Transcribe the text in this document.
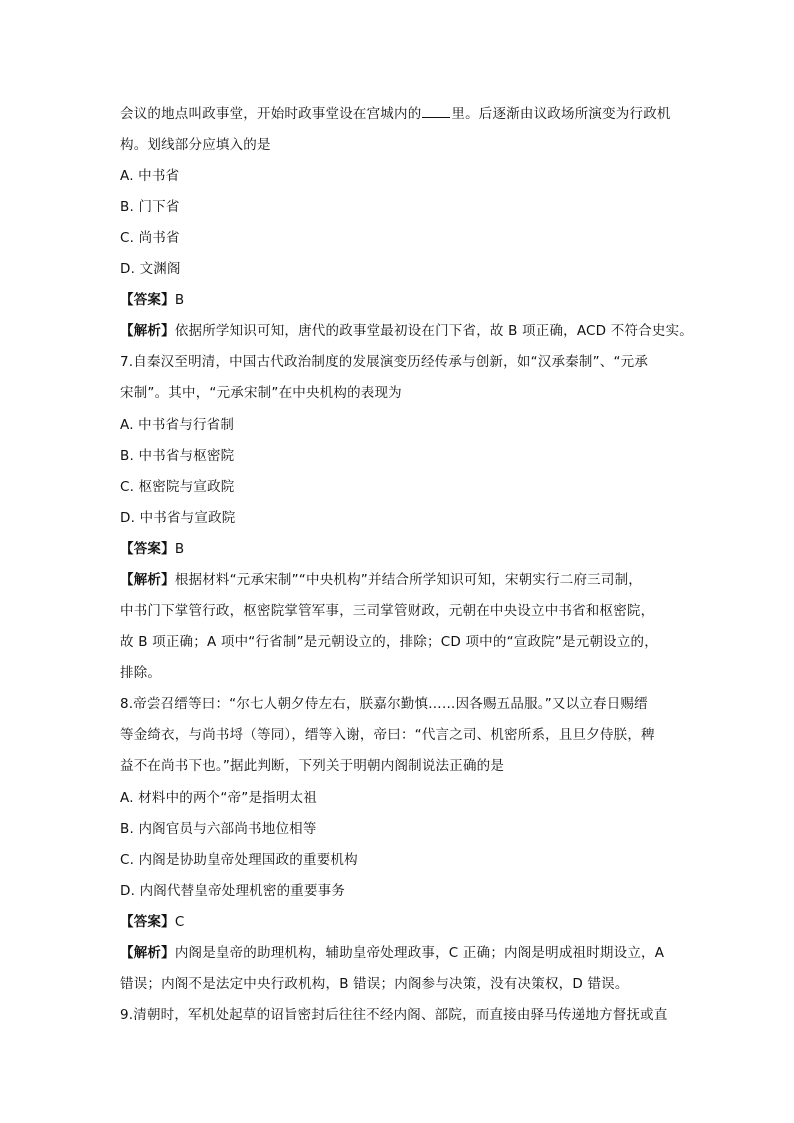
会议的地点叫政事堂，开始时政事堂设在宫城内的 里。后逐渐由议政场所演变为行政机
构。划线部分应填入的是
A. 中书省
B. 门下省
C. 尚书省
D. 文渊阁
【答案】B
【解析】依据所学知识可知，唐代的政事堂最初设在门下省，故 B 项正确，ACD 不符合史实。
7.自秦汉至明清，中国古代政治制度的发展演变历经传承与创新，如“汉承秦制”、“元承
宋制”。其中，“元承宋制”在中央机构的表现为
A. 中书省与行省制
B. 中书省与枢密院
C. 枢密院与宣政院
D. 中书省与宣政院
【答案】B
【解析】根据材料“元承宋制”“中央机构”并结合所学知识可知，宋朝实行二府三司制，
中书门下掌管行政，枢密院掌管军事，三司掌管财政，元朝在中央设立中书省和枢密院，
故 B 项正确；A 项中“行省制”是元朝设立的，排除；CD 项中的“宣政院”是元朝设立的，
排除。
8.帝尝召缙等曰：“尔七人朝夕侍左右，朕嘉尔勤慎……因各赐五品服。”又以立春日赐缙
等金绮衣，与尚书埒（等同），缙等入谢，帝曰：“代言之司、机密所系，且旦夕侍朕，稗
益不在尚书下也。”据此判断，下列关于明朝内阁制说法正确的是
A. 材料中的两个“帝”是指明太祖
B. 内阁官员与六部尚书地位相等
C. 内阁是协助皇帝处理国政的重要机构
D. 内阁代替皇帝处理机密的重要事务
【答案】C
【解析】内阁是皇帝的助理机构，辅助皇帝处理政事，C 正确；内阁是明成祖时期设立，A
错误；内阁不是法定中央行政机构，B 错误；内阁参与决策，没有决策权，D 错误。
9.清朝时，军机处起草的诏旨密封后往往不经内阁、部院，而直接由驿马传递地方督抚或直
